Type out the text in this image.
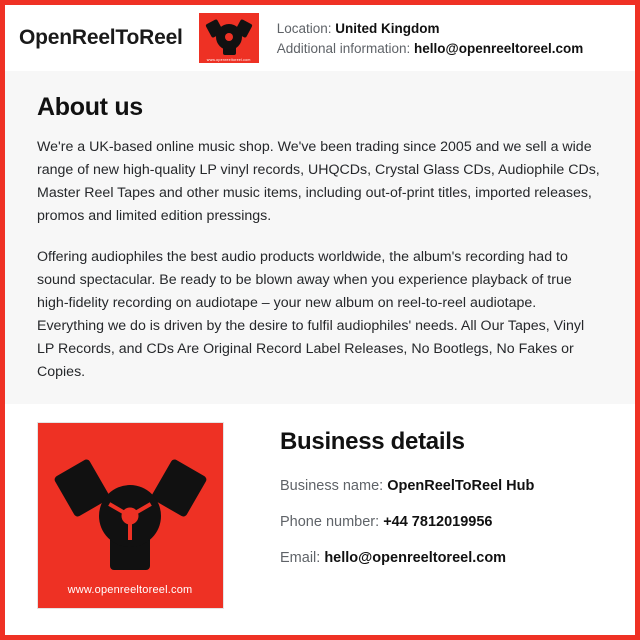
OpenReelToReel
www.openreeltoreel.com
Location: United Kingdom
Additional information: hello@openreeltoreel.com
About us

We're a UK-based online music shop. We've been trading since 2005 and we sell a wide range of new high-quality LP vinyl records, UHQCDs, Crystal Glass CDs, Audiophile CDs, Master Reel Tapes and other music items, including out-of-print titles, imported releases, promos and limited edition pressings.

Offering audiophiles the best audio products worldwide, the album's recording had to sound spectacular. Be ready to be blown away when you experience playback of true high-fidelity recording on audiotape – your new album on reel-to-reel audiotape. Everything we do is driven by the desire to fulfil audiophiles' needs. All Our Tapes, Vinyl LP Records, and CDs Are Original Record Label Releases, No Bootlegs, No Fakes or Copies.

www.openreeltoreel.com
Business details
Business name: OpenReelToReel Hub
Phone number: +44 7812019956
Email: hello@openreeltoreel.com
